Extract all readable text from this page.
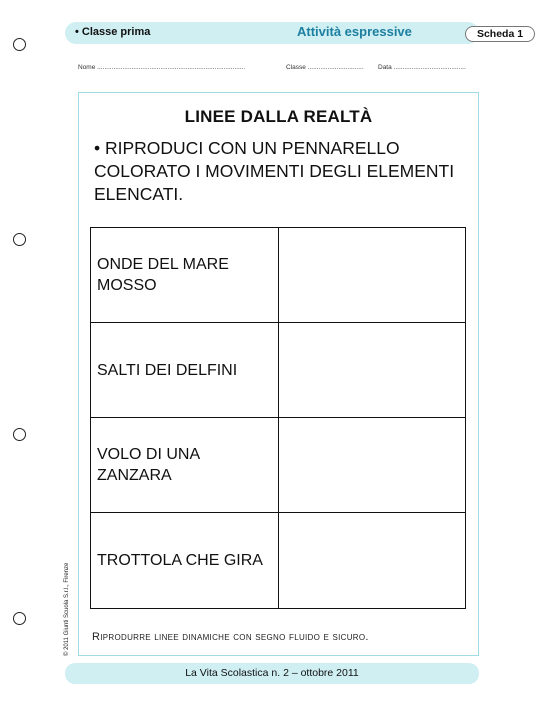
• Classe prima	Attività espressive	Scheda 1
Nome ..................................................................................	Classe ............................... Data ........................................
LINEE DALLA REALTÀ
• RIPRODUCI CON UN PENNARELLO COLORATO I MOVIMENTI DEGLI ELEMENTI ELENCATI.
ONDE DEL MARE MOSSO
SALTI DEI DELFINI
VOLO DI UNA ZANZARA
TROTTOLA CHE GIRA
Riprodurre linee dinamiche con segno fluido e sicuro.
© 2011 Giunti Scuola S.r.l., Firenze
La Vita Scolastica n. 2 – ottobre 2011
